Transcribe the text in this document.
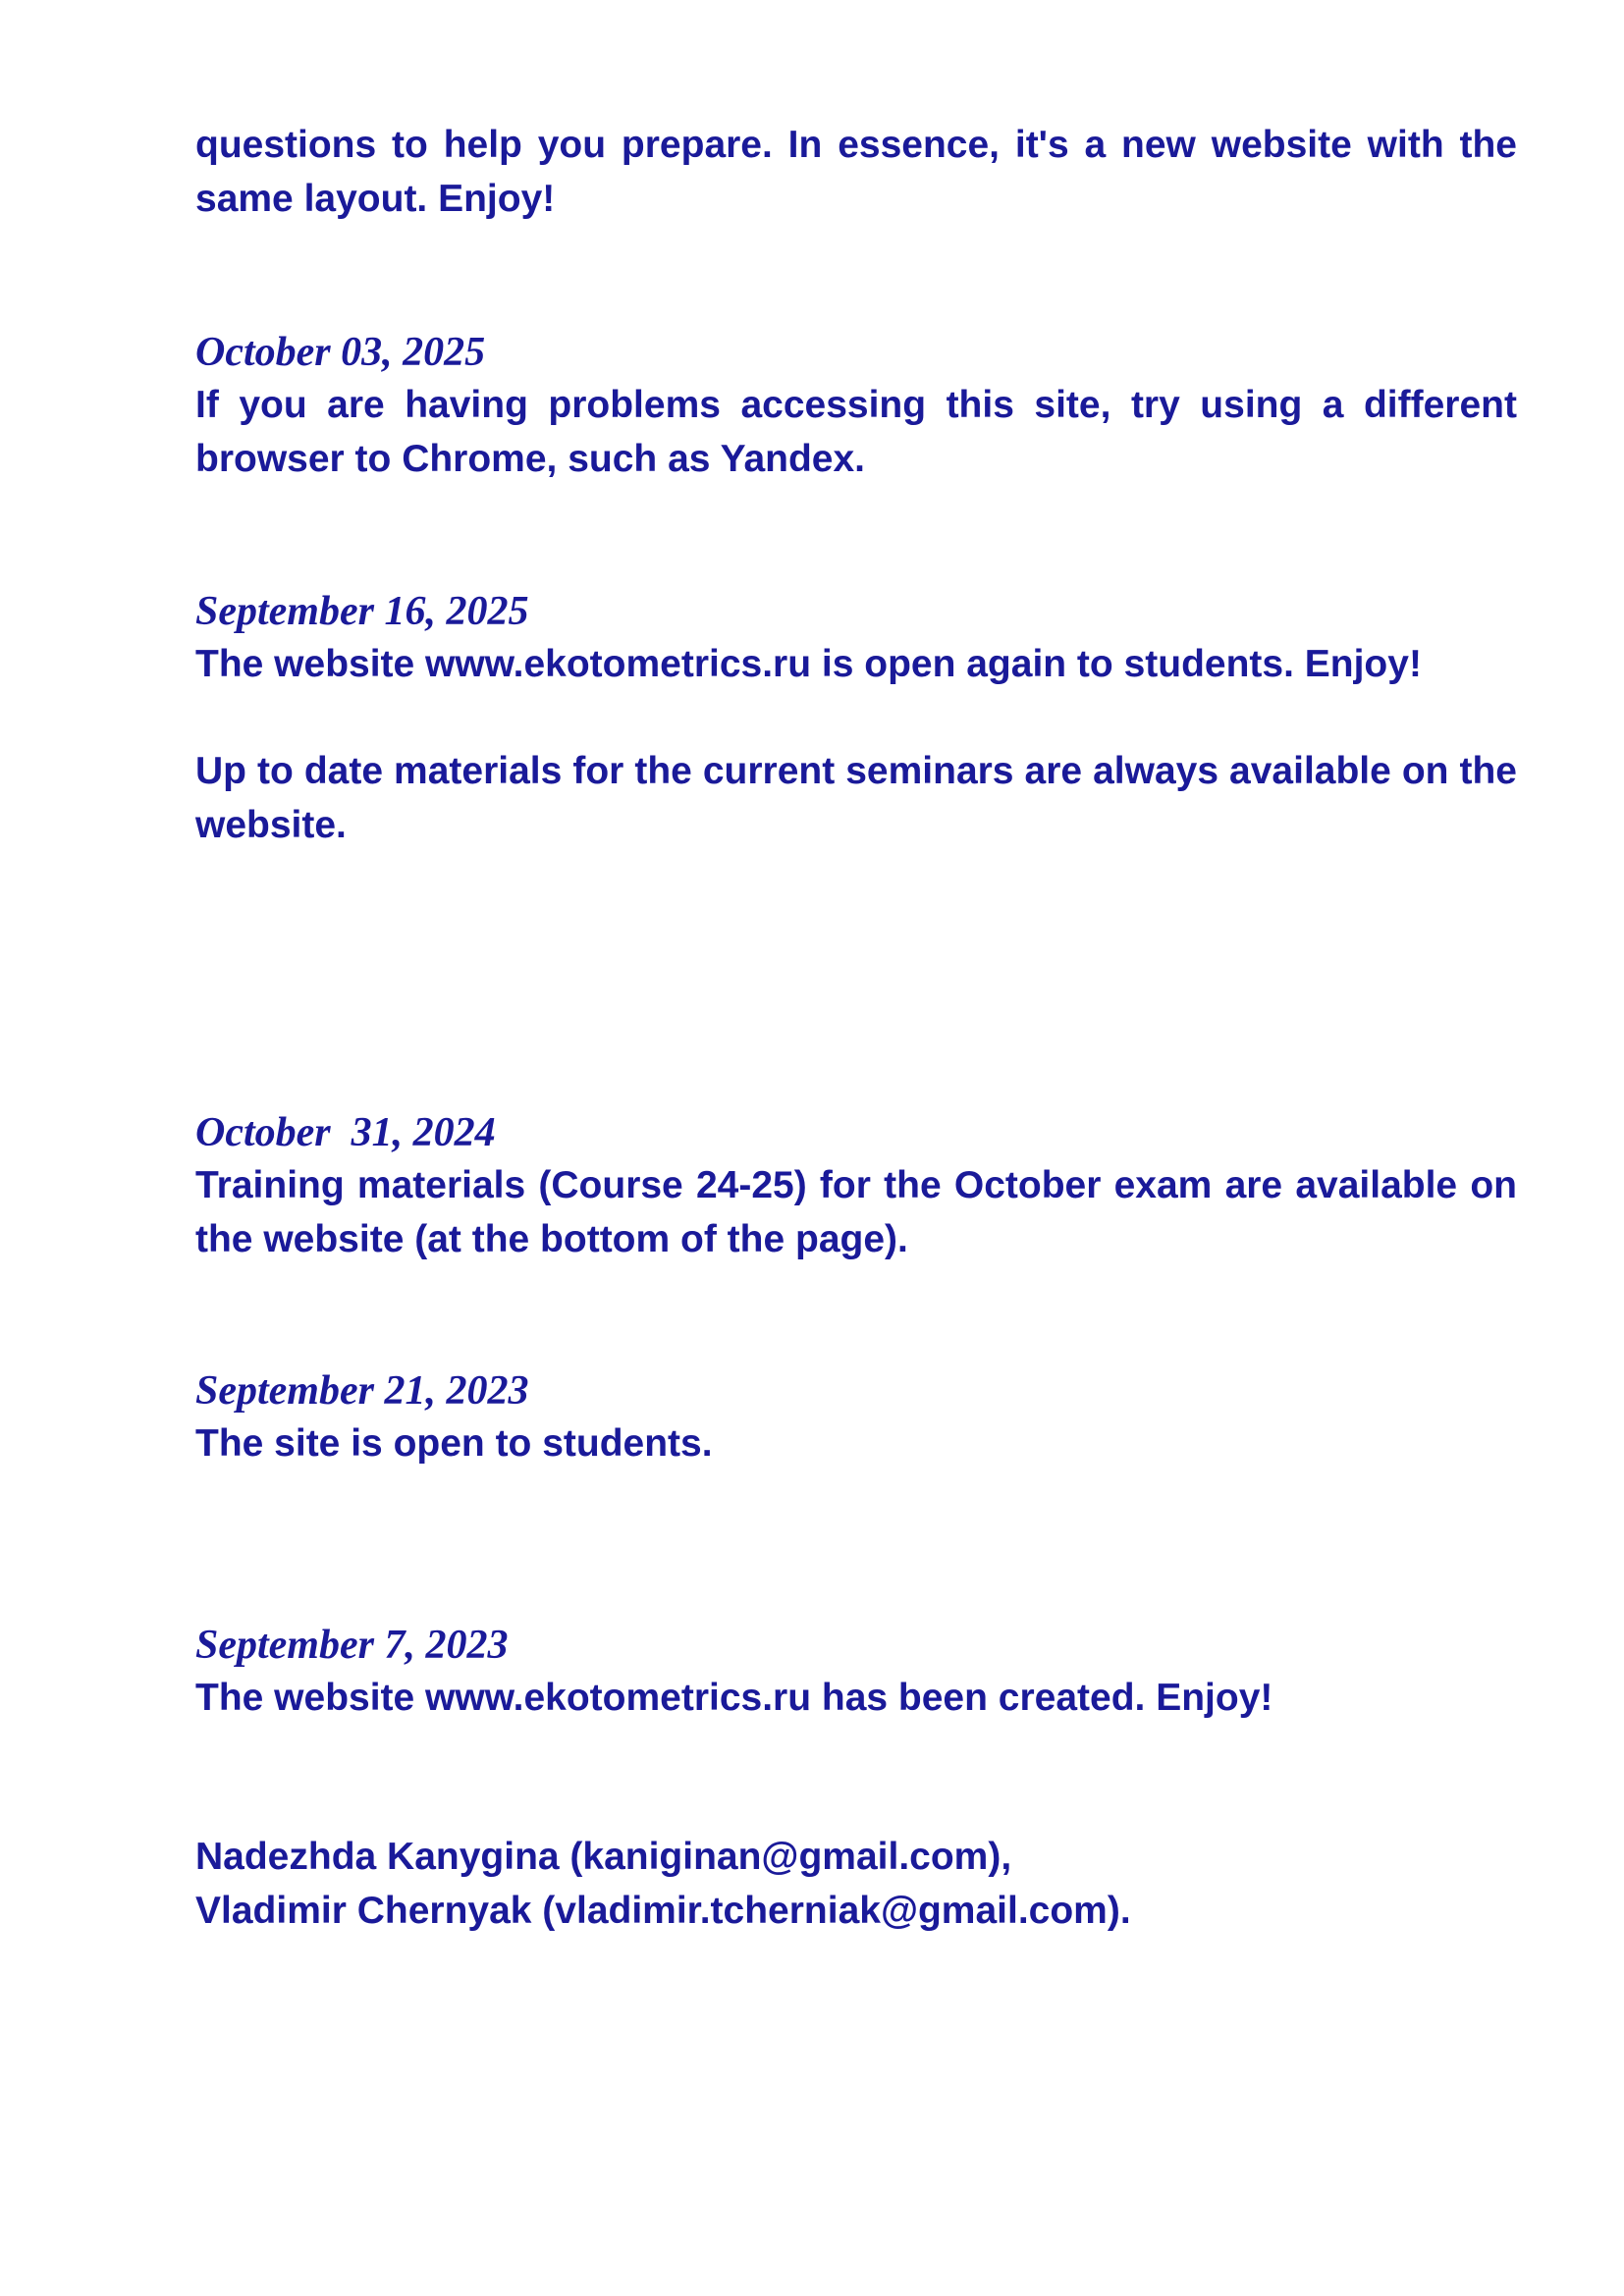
questions to help you prepare. In essence, it's a new website with the same layout. Enjoy!

October 03, 2025

If you are having problems accessing this site, try using a different browser to Chrome, such as Yandex.

September 16, 2025

The website www.ekotometrics.ru is open again to students. Enjoy!

Up to date materials for the current seminars are always available on the website.

October  31, 2024

Training materials (Course 24-25) for the October exam are available on the website (at the bottom of the page).

September 21, 2023

The site is open to students.

September 7, 2023

The website www.ekotometrics.ru has been created. Enjoy!

Nadezhda Kanygina (kaniginan@gmail.com),

Vladimir Chernyak (vladimir.tcherniak@gmail.com).
